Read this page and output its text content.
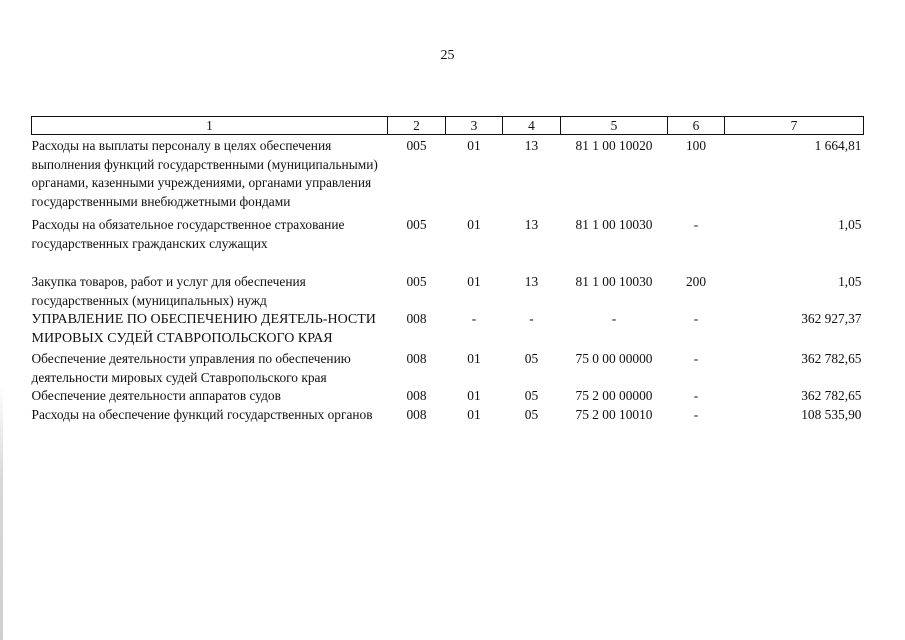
25
1	2	3	4	5	6	7
Расходы на выплаты персоналу в целях обеспечения выполнения функций государственными (муниципальными) органами, казенными учреждениями, органами управления государственными внебюджетными фондами	005	01	13	81 1 00 10020	100	1 664,81
Расходы на обязательное государственное страхование государственных гражданских служащих	005	01	13	81 1 00 10030	-	1,05
Закупка товаров, работ и услуг для обеспечения государственных (муниципальных) нужд	005	01	13	81 1 00 10030	200	1,05
УПРАВЛЕНИЕ ПО ОБЕСПЕЧЕНИЮ ДЕЯТЕЛЬ-НОСТИ МИРОВЫХ СУДЕЙ СТАВРОПОЛЬСКОГО КРАЯ	008	-	-	-	-	362 927,37
Обеспечение деятельности управления по обеспечению деятельности мировых судей Ставропольского края	008	01	05	75 0 00 00000	-	362 782,65
Обеспечение деятельности аппаратов судов	008	01	05	75 2 00 00000	-	362 782,65
Расходы на обеспечение функций государственных органов	008	01	05	75 2 00 10010	-	108 535,90
